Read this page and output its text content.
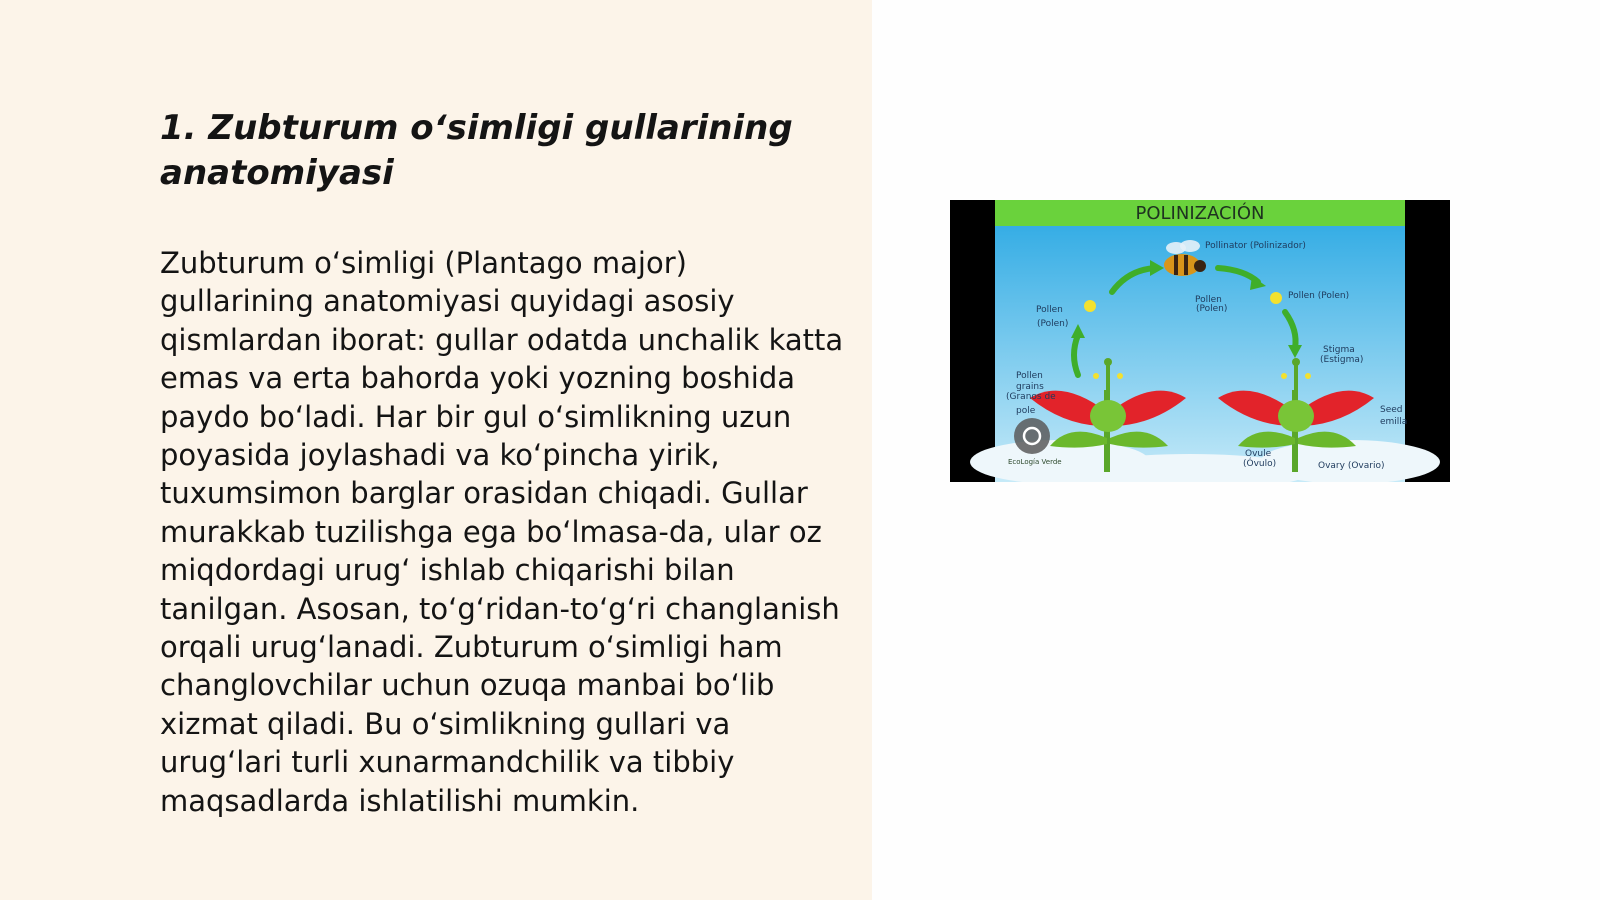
1. Zubturum o‘simligi gullarining anatomiyasi

Zubturum o‘simligi (Plantago major) gullarining anatomiyasi quyidagi asosiy qismlardan iborat: gullar odatda unchalik katta emas va erta bahorda yoki yozning boshida paydo bo‘ladi. Har bir gul o‘simlikning uzun poyasida joylashadi va ko‘pincha yirik, tuxumsimon barglar orasidan chiqadi. Gullar murakkab tuzilishga ega bo‘lmasa-da, ular oz miqdordagi urug‘ ishlab chiqarishi bilan tanilgan. Asosan, to‘g‘ridan-to‘g‘ri changlanish orqali urug‘lanadi. Zubturum o‘simligi ham changlovchilar uchun ozuqa manbai bo‘lib xizmat qiladi. Bu o‘simlikning gullari va urug‘lari turli xunarmandchilik va tibbiy maqsadlarda ishlatilishi mumkin.

POLINIZACIÓN
Pollinator (Polinizador)
Pollen
(Polen)
Pollen (Polen)
Pollen
(Polen)
Stigma
(Estigma)
Pollen
grains
(Granos de
pole	Seed
emilla
Ovule
(Óvulo)	Ovary (Ovario)
EcoLogía Verde
